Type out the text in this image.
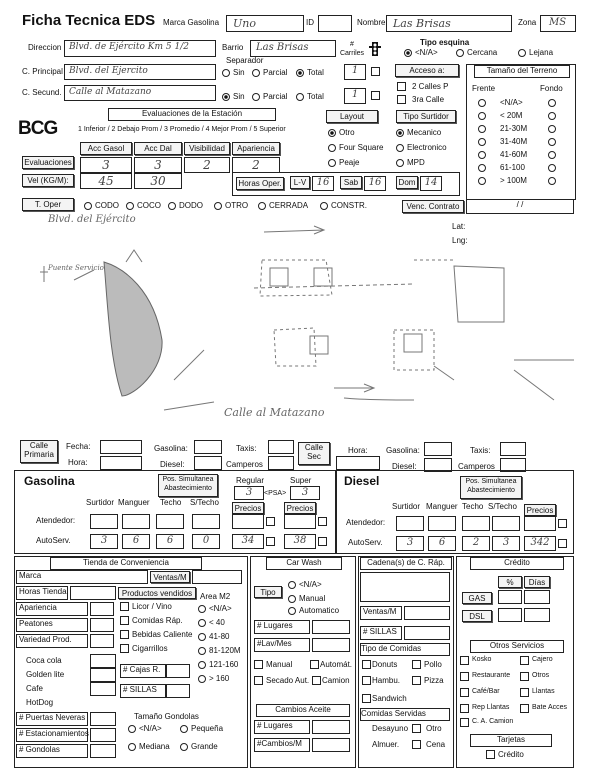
Ficha Tecnica EDS Marca Gasolina Uno	ID	Nombre Las Brisas	Zona MS
Direccion Blvd. de Ejército Km 5 1/2	Barrio Las Brisas
Separador
# Carriles
Tipo esquina
<N/A>	Cercana	Lejana
C. Principal Blvd. del Ejercito	Sin	Parcial	Total	1	Acceso a:
2 Calles P
3ra Calle
C. Secund. Calle al Matazano	Sin	Parcial	Total	1
Tamaño del Terreno
Frente	Fondo
<N/A>
< 20M
21-30M
31-40M
41-60M
61-100
> 100M
Evaluaciones de la Estación
BCG	1 Inferior / 2 Debajo Prom / 3 Promedio / 4 Mejor Prom / 5 Superior
Acc Gasol	Acc Dal	Visibilidad	Apariencia
Evaluaciones	3	3	2	2
Vel (KG/M):	45	30
Layout	Tipo Surtidor
Otro
Four Square
Peaje
Mecanico
Electronico
MPD
Horas Oper.	L-V	16	Sab	16	Dom 14
T. Oper	CODO	COCO	DODO	OTRO	CERRADA	CONSTR.	Venc. Contrato	/ /
Lat:
Lng:
Blvd. del Ejército
Calle al Matazano
Puente Servicio
Calle Primaria
Fecha:
Hora:
Gasolina:
Diesel:
Taxis:
Camperos
Calle Sec
Hora: Gasolina:
Diesel:
Taxis:
Camperos
Gasolina	Pos. Simultanea Abastecimiento
Regular	Super
3	<PSA>	3
Surtidor Manguer Techo S/Techo
Precios	Precios
Atendedor:
AutoServ.	3	6	6	0	34	38
Diesel	Pos. Simultanea Abastecimiento
Surtidor Manguer Techo S/Techo	Precios
Atendedor:
AutoServ.	3	6	2	3	342
Tienda de Conveniencia
Marca	Ventas/M
Horas Tienda	Productos vendidos Area M2
Apariencia
Peatones
Variedad Prod.
Licor / Vino
Comidas Ráp.
Bebidas Caliente
Cigarrillos
<N/A>
< 40
41-80
81-120M
121-160
> 160
Coca cola
Golden lite
Cafe
HotDog
# Cajas R.
# SILLAS
# Puertas Neveras
# Estacionamientos
# Gondolas
Tamaño Gondolas
<N/A>	Pequeña
Mediana	Grande
Car Wash
Tipo
<N/A>
Manual
Automatico
# Lugares
#Lav/Mes
Manual	Automát.
Secado Aut. Camion
Cambios Aceite
# Lugares
#Cambios/M
Cadena(s) de C. Ráp.
Ventas/M
# SILLAS
Tipo de Comidas
Donuts	Pollo
Hambu.	Pizza
Sandwich
Comidas Servidas
Desayuno Otro
Almuer.	Cena
Crédito
%	Días
GAS
DSL
Otros Servicios
Kosko	Cajero
Restaurante	Otros
Café/Bar	Llantas
Rep Llantas	Bate Acces
C. A. Camion
Tarjetas
Crédito
